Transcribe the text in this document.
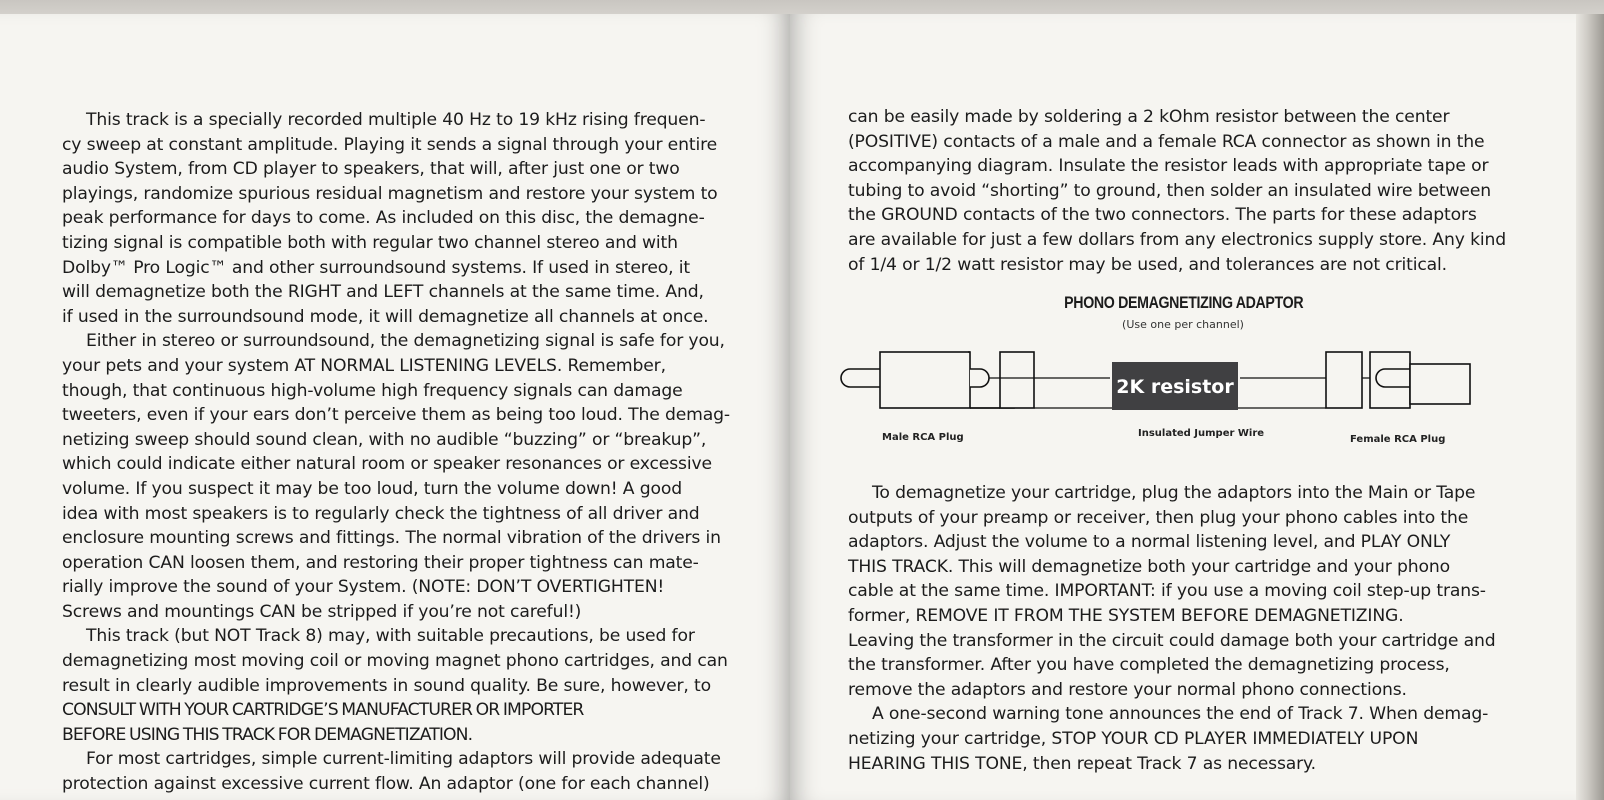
This track is a specially recorded multiple 40 Hz to 19 kHz rising frequen-
cy sweep at constant amplitude. Playing it sends a signal through your entire
audio System, from CD player to speakers, that will, after just one or two
playings, randomize spurious residual magnetism and restore your system to
peak performance for days to come. As included on this disc, the demagne-
tizing signal is compatible both with regular two channel stereo and with
Dolby™ Pro Logic™ and other surroundsound systems. If used in stereo, it
will demagnetize both the RIGHT and LEFT channels at the same time. And,
if used in the surroundsound mode, it will demagnetize all channels at once.
Either in stereo or surroundsound, the demagnetizing signal is safe for you,
your pets and your system AT NORMAL LISTENING LEVELS. Remember,
though, that continuous high-volume high frequency signals can damage
tweeters, even if your ears don’t perceive them as being too loud. The demag-
netizing sweep should sound clean, with no audible “buzzing” or “breakup”,
which could indicate either natural room or speaker resonances or excessive
volume. If you suspect it may be too loud, turn the volume down! A good
idea with most speakers is to regularly check the tightness of all driver and
enclosure mounting screws and fittings. The normal vibration of the drivers in
operation CAN loosen them, and restoring their proper tightness can mate-
rially improve the sound of your System. (NOTE: DON’T OVERTIGHTEN!
Screws and mountings CAN be stripped if you’re not careful!)
This track (but NOT Track 8) may, with suitable precautions, be used for
demagnetizing most moving coil or moving magnet phono cartridges, and can
result in clearly audible improvements in sound quality. Be sure, however, to
CONSULT WITH YOUR CARTRIDGE’S MANUFACTURER OR IMPORTER
BEFORE USING THIS TRACK FOR DEMAGNETIZATION.
For most cartridges, simple current-limiting adaptors will provide adequate
protection against excessive current flow. An adaptor (one for each channel)
can be easily made by soldering a 2 kOhm resistor between the center
(POSITIVE) contacts of a male and a female RCA connector as shown in the
accompanying diagram. Insulate the resistor leads with appropriate tape or
tubing to avoid “shorting” to ground, then solder an insulated wire between
the GROUND contacts of the two connectors. The parts for these adaptors
are available for just a few dollars from any electronics supply store. Any kind
of 1/4 or 1/2 watt resistor may be used, and tolerances are not critical.
PHONO DEMAGNETIZING ADAPTOR
(Use one per channel)
2K resistor
Male RCA Plug	Insulated Jumper Wire
Female RCA Plug
To demagnetize your cartridge, plug the adaptors into the Main or Tape
outputs of your preamp or receiver, then plug your phono cables into the
adaptors. Adjust the volume to a normal listening level, and PLAY ONLY
THIS TRACK. This will demagnetize both your cartridge and your phono
cable at the same time. IMPORTANT: if you use a moving coil step-up trans-
former, REMOVE IT FROM THE SYSTEM BEFORE DEMAGNETIZING.
Leaving the transformer in the circuit could damage both your cartridge and
the transformer. After you have completed the demagnetizing process,
remove the adaptors and restore your normal phono connections.
A one-second warning tone announces the end of Track 7. When demag-
netizing your cartridge, STOP YOUR CD PLAYER IMMEDIATELY UPON
HEARING THIS TONE, then repeat Track 7 as necessary.
